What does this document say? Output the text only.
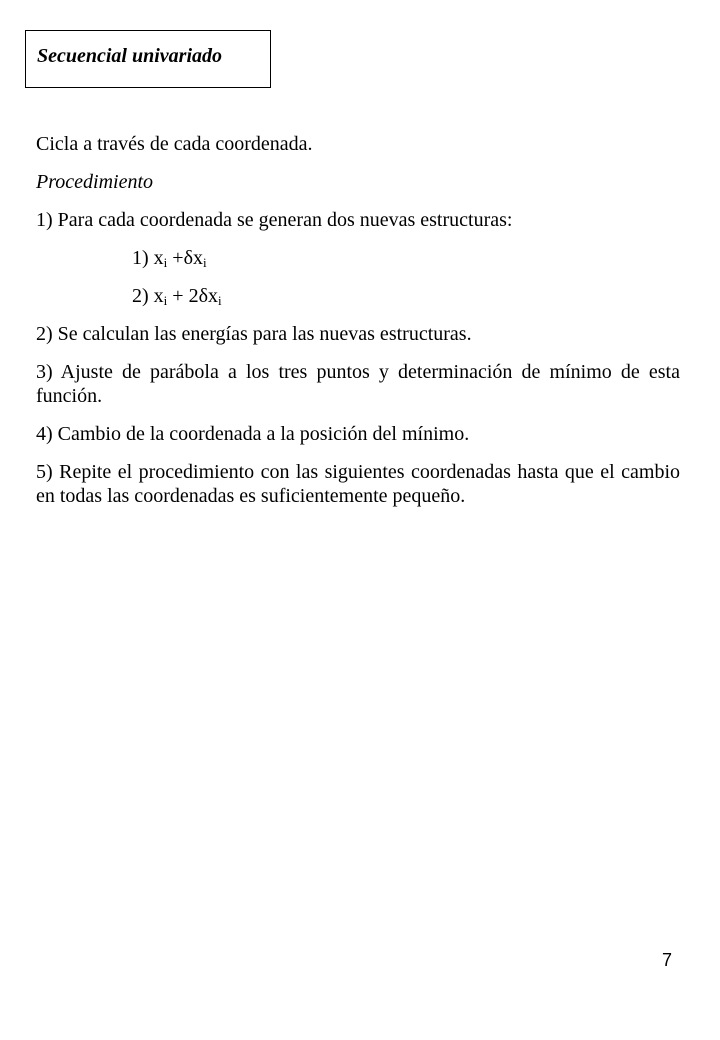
Secuencial univariado

Cicla a través de cada coordenada.

Procedimiento

1) Para cada coordenada se generan dos nuevas estructuras:

1) $x_i +\delta x_i$

2) $x_i + 2\delta x_i$

2) Se calculan las energías para las nuevas estructuras.

3) Ajuste de parábola a los tres puntos y determinación de mínimo de esta función.

4) Cambio de la coordenada a la posición del mínimo.

5) Repite el procedimiento con las siguientes coordenadas hasta que el cambio en todas las coordenadas es suficientemente pequeño.

7
